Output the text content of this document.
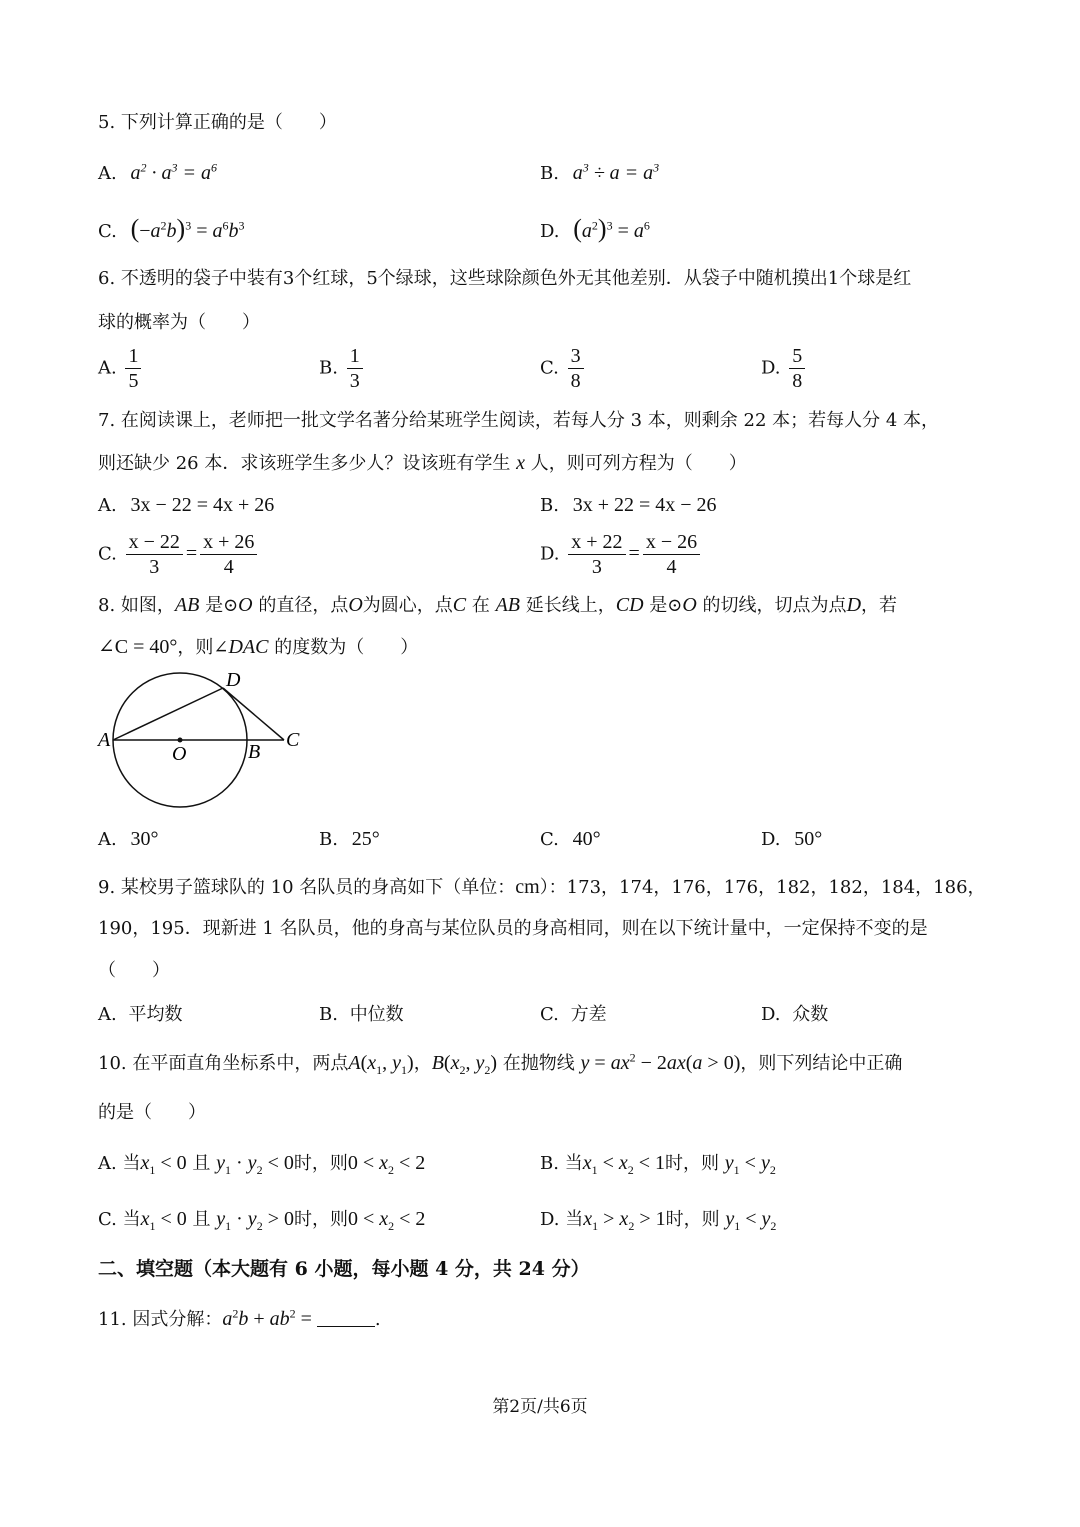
5. 下列计算正确的是（　　）
A. $a^2 \cdot a^3 = a^6$	B. $a^3 \div a = a^3$
C. $(-a^2b)^3 = a^6b^3$	D. $(a^2)^3 = a^6$
6. 不透明的袋子中装有3个红球，5个绿球，这些球除颜色外无其他差别．从袋子中随机摸出1个球是红
球的概率为（　　）
A. $\frac{1}{5}$	B. $\frac{1}{3}$	C. $\frac{3}{8}$	D. $\frac{5}{8}$
7. 在阅读课上，老师把一批文学名著分给某班学生阅读，若每人分 3 本，则剩余 22 本；若每人分 4 本，
则还缺少 26 本．求该班学生多少人？设该班有学生 x 人，则可列方程为（　　）
A. 3x − 22 = 4x + 26	B. 3x + 22 = 4x − 26
C. $\frac{x - 22}{3} = \frac{x + 26}{4}$	D. $\frac{x + 22}{3} = \frac{x - 26}{4}$
8. 如图，AB 是⊙O 的直径，点O为圆心，点C 在 AB 延长线上，CD 是⊙O 的切线，切点为点D，若
∠C = 40°，则∠DAC 的度数为（　　）
A
O	B
C
D
A. 30°	B. 25°	C. 40°	D. 50°
9. 某校男子篮球队的 10 名队员的身高如下（单位：cm）：173，174，176，176，182，182，184，186，
190，195．现新进 1 名队员，他的身高与某位队员的身高相同，则在以下统计量中，一定保持不变的是
（　　）
A. 平均数	B. 中位数	C. 方差	D. 众数
10. 在平面直角坐标系中，两点$A(x_1$, $y_1$)，$B(x_2$, $y_2$) 在抛物线 $y = ax^2 - 2ax(a > 0)$，则下列结论中正确
的是（　　）
A. 当$x_1 < 0$ 且 $y_1 \cdot y_2 < 0$时，则$0 < x_2 < 2$	B. 当$x_1 < x_2 < 1$时，则 $y_1 < y_2$
C. 当$x_1 < 0$ 且 $y_1 \cdot y_2 > 0$时，则$0 < x_2 < 2$	D. 当$x_1 > x_2 > 1$时，则 $y_1 < y_2$
二、填空题（本大题有 6 小题，每小题 4 分，共 24 分）
11. 因式分解：$a^2b + ab^2$ =	.
第2页/共6页
